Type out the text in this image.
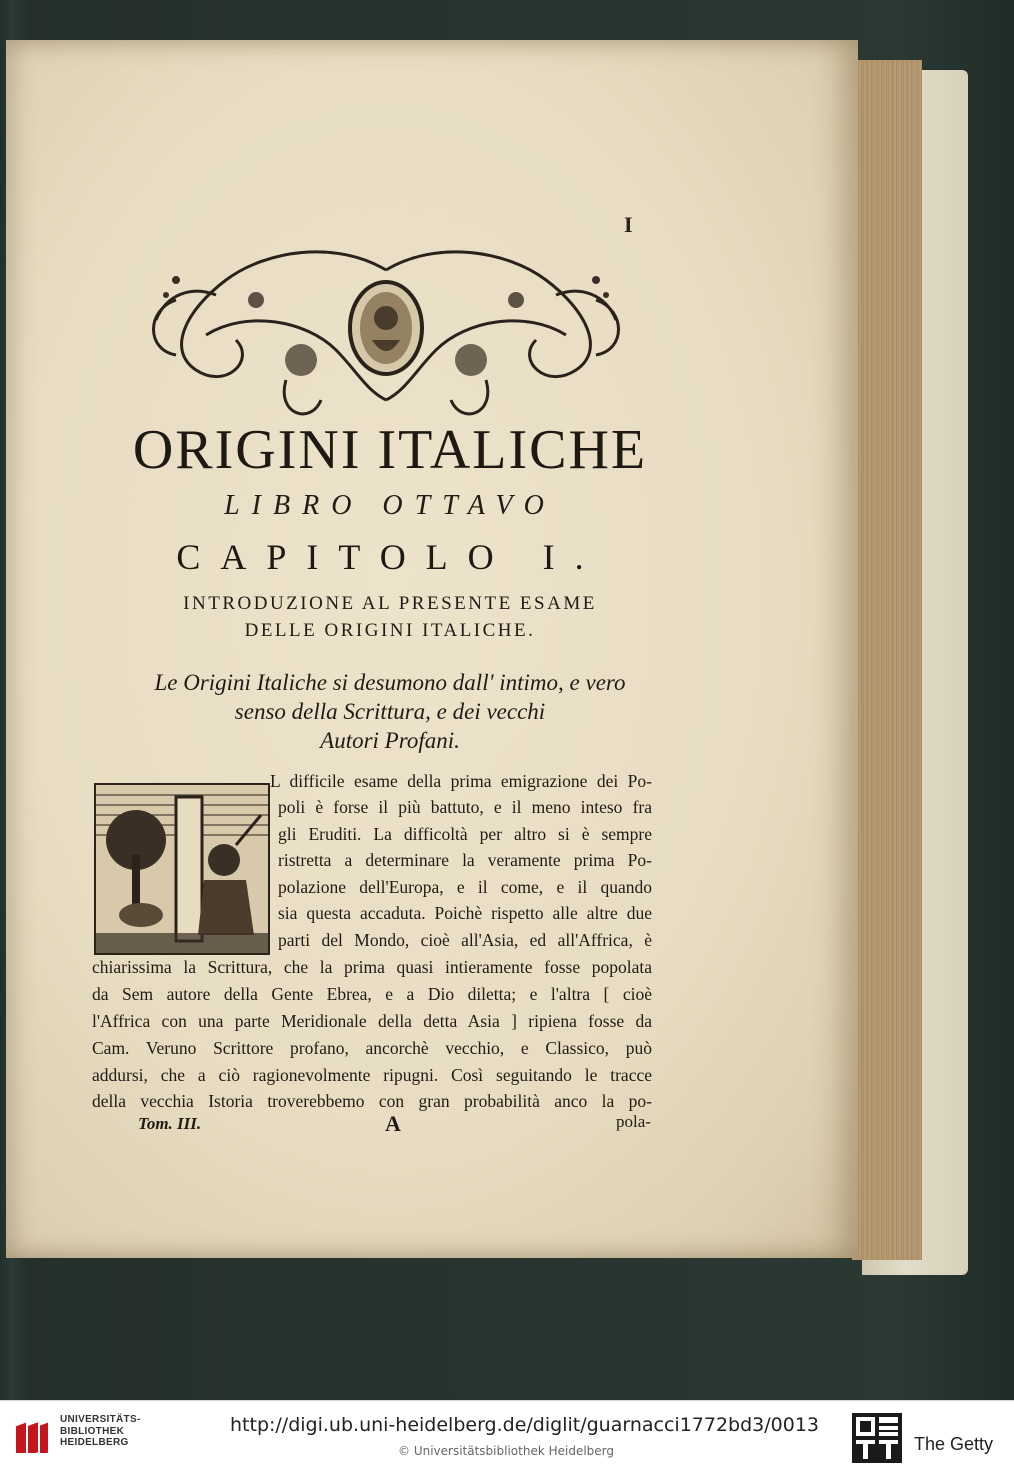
I
ORIGINI ITALICHE
LIBRO OTTAVO
CAPITOLO I.
INTRODUZIONE AL PRESENTE ESAME
DELLE ORIGINI ITALICHE.
Le Origini Italiche si desumono dall' intimo, e vero
senso della Scrittura, e dei vecchi
Autori Profani.
L difficile esame della prima emigrazione dei Po-
poli è forse il più battuto, e il meno inteso fra
gli Eruditi. La difficoltà per altro si è sempre
ristretta a determinare la veramente prima Po-
polazione dell'Europa, e il come, e il quando
sia questa accaduta. Poichè rispetto alle altre due
parti del Mondo, cioè all'Asia, ed all'Affrica, è
chiarissima la Scrittura, che la prima quasi intieramente fosse popolata
da Sem autore della Gente Ebrea, e a Dio diletta; e l'altra [ cioè
l'Affrica con una parte Meridionale della detta Asia ] ripiena fosse da
Cam. Veruno Scrittore profano, ancorchè vecchio, e Classico, può
addursi, che a ciò ragionevolmente ripugni. Così seguitando le tracce
della vecchia Istoria troverebbemo con gran probabilità anco la po-
Tom. III.	A	pola-
UNIVERSITÄTS-
BIBLIOTHEK
HEIDELBERG
http://digi.ub.uni-heidelberg.de/diglit/guarnacci1772bd3/0013
© Universitätsbibliothek Heidelberg	The Getty
